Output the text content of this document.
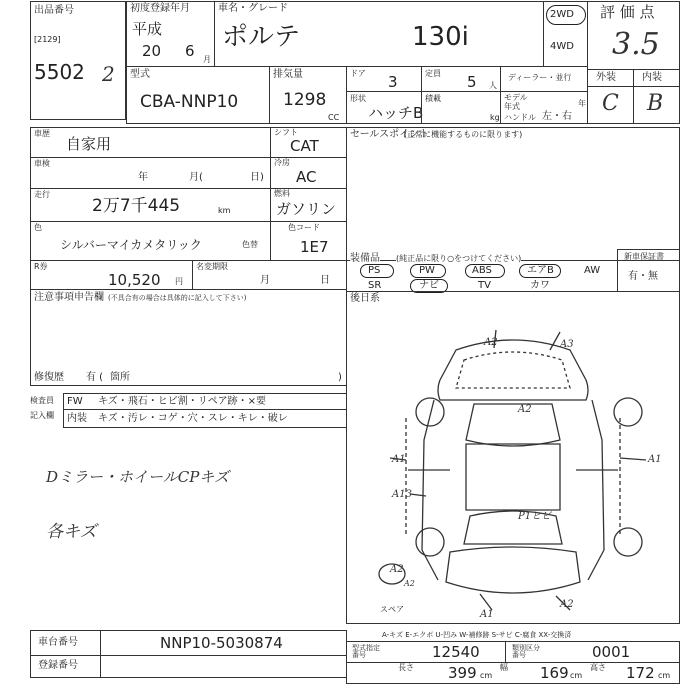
出品番号
[2129]
5502 2
初度登録年月
平成
20 6 月
車名・グレード
ポルテ	130i
2WD
4WD
評 価 点
3.5
外装	内装
C B
型式
CBA-NNP10
排気量
1298
CC
ドア 3	定員 5 人
ディーラー・並行
形状
ハッチB
積載
kg
モデル年式	年
ハンドル 左・右
車歴
自家用
車検
年	月(	日)
走行
2万7千445	km
色
シルバーマイカメタリック	色替
R券
10,520 円
名変期限
月	日
シフト
CAT
冷房
AC
燃料
ガソリン
色コード
1E7
注意事項申告欄 (不具合有の場合は具体的に記入して下さい)
修復歴 有 ( 箇所	)
セールスポイント
(正常に機能するものに限ります)
装備品 (純正品に限り○をつけてください)
PS	PW	ABS	エアB	AW
SR	ナビ	TV	カワ
新車保証書
有・無
後日系
検査員
記入欄
FW キズ・飛石・ヒビ割・リペア跡・×要
内装 キズ・汚レ・コゲ・穴・スレ・キレ・破レ
Dミラー・ホイールCPキズ
各キズ
A2	A3
A2
A1	A1
A13
A2
A2
A1
A2
P1ヒビ
スペア
A-キズ E-エクボ U-凹み W-補修跡 S-サビ C-腐食 XX-交換済
車台番号	NNP10-5030874
登録番号
型式指定番号	12540	類別区分番号	0001
長さ 399 cm
幅 169 cm
高さ 172 cm
